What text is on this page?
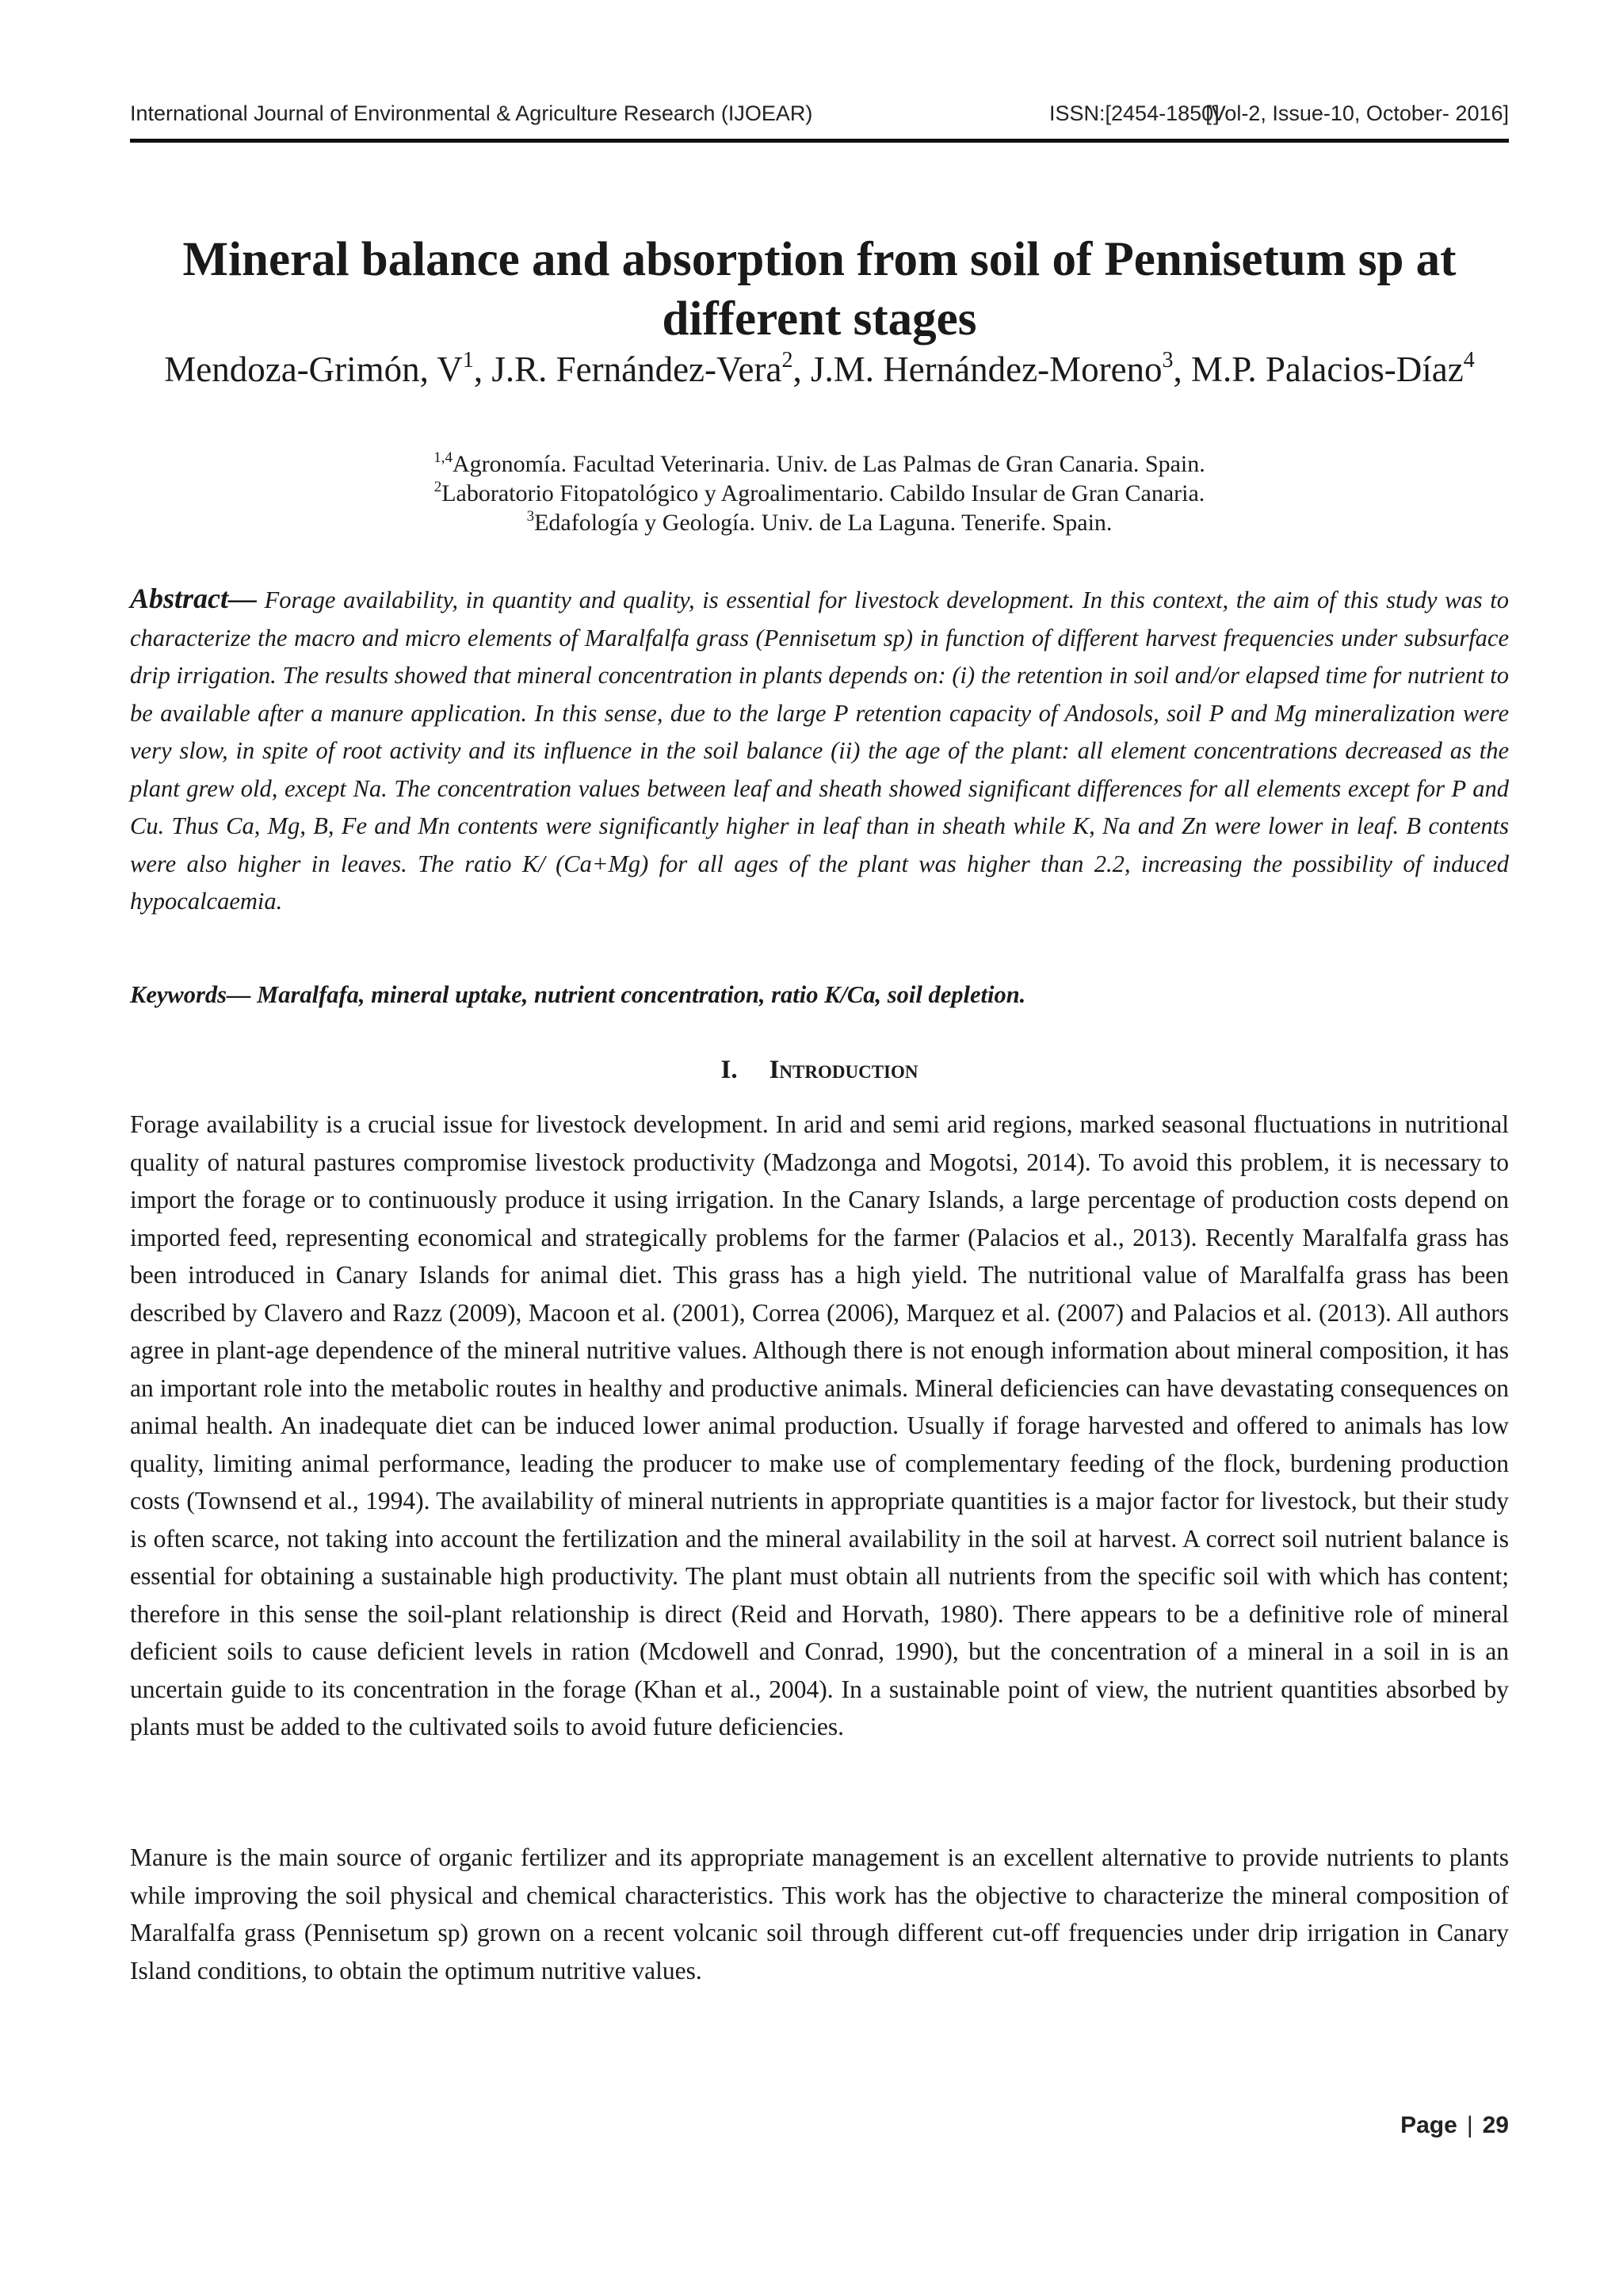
International Journal of Environmental & Agriculture Research (IJOEAR)	ISSN:[2454-1850]
[Vol-2, Issue-10, October- 2016]
Mineral balance and absorption from soil of Pennisetum sp at different stages
Mendoza-Grimón, $V^1$, J.R. Fernández-Vera$^2$, J.M. Hernández-Moreno$^3$, M.P. Palacios-Díaz$^4$
$^{1,4}$Agronomía. Facultad Veterinaria. Univ. de Las Palmas de Gran Canaria. Spain.
$^2$Laboratorio Fitopatológico y Agroalimentario. Cabildo Insular de Gran Canaria.
$^3$Edafología y Geología. Univ. de La Laguna. Tenerife. Spain.

Abstract— Forage availability, in quantity and quality, is essential for livestock development. In this context, the aim of this study was to characterize the macro and micro elements of Maralfalfa grass (Pennisetum sp) in function of different harvest frequencies under subsurface drip irrigation. The results showed that mineral concentration in plants depends on: (i) the retention in soil and/or elapsed time for nutrient to be available after a manure application. In this sense, due to the large P retention capacity of Andosols, soil P and Mg mineralization were very slow, in spite of root activity and its influence in the soil balance (ii) the age of the plant: all element concentrations decreased as the plant grew old, except Na. The concentration values between leaf and sheath showed significant differences for all elements except for P and Cu. Thus Ca, Mg, B, Fe and Mn contents were significantly higher in leaf than in sheath while K, Na and Zn were lower in leaf. B contents were also higher in leaves. The ratio K/ (Ca+Mg) for all ages of the plant was higher than 2.2, increasing the possibility of induced hypocalcaemia.

Keywords— Maralfafa, mineral uptake, nutrient concentration, ratio K/Ca, soil depletion.

I. Introduction

Forage availability is a crucial issue for livestock development. In arid and semi arid regions, marked seasonal fluctuations in nutritional quality of natural pastures compromise livestock productivity (Madzonga and Mogotsi, 2014). To avoid this problem, it is necessary to import the forage or to continuously produce it using irrigation. In the Canary Islands, a large percentage of production costs depend on imported feed, representing economical and strategically problems for the farmer (Palacios et al., 2013). Recently Maralfalfa grass has been introduced in Canary Islands for animal diet. This grass has a high yield. The nutritional value of Maralfalfa grass has been described by Clavero and Razz (2009), Macoon et al. (2001), Correa (2006), Marquez et al. (2007) and Palacios et al. (2013). All authors agree in plant-age dependence of the mineral nutritive values. Although there is not enough information about mineral composition, it has an important role into the metabolic routes in healthy and productive animals. Mineral deficiencies can have devastating consequences on animal health. An inadequate diet can be induced lower animal production. Usually if forage harvested and offered to animals has low quality, limiting animal performance, leading the producer to make use of complementary feeding of the flock, burdening production costs (Townsend et al., 1994). The availability of mineral nutrients in appropriate quantities is a major factor for livestock, but their study is often scarce, not taking into account the fertilization and the mineral availability in the soil at harvest. A correct soil nutrient balance is essential for obtaining a sustainable high productivity. The plant must obtain all nutrients from the specific soil with which has content; therefore in this sense the soil-plant relationship is direct (Reid and Horvath, 1980). There appears to be a definitive role of mineral deficient soils to cause deficient levels in ration (Mcdowell and Conrad, 1990), but the concentration of a mineral in a soil in is an uncertain guide to its concentration in the forage (Khan et al., 2004). In a sustainable point of view, the nutrient quantities absorbed by plants must be added to the cultivated soils to avoid future deficiencies.

Manure is the main source of organic fertilizer and its appropriate management is an excellent alternative to provide nutrients to plants while improving the soil physical and chemical characteristics. This work has the objective to characterize the mineral composition of Maralfalfa grass (Pennisetum sp) grown on a recent volcanic soil through different cut-off frequencies under drip irrigation in Canary Island conditions, to obtain the optimum nutritive values.

Page | 29
